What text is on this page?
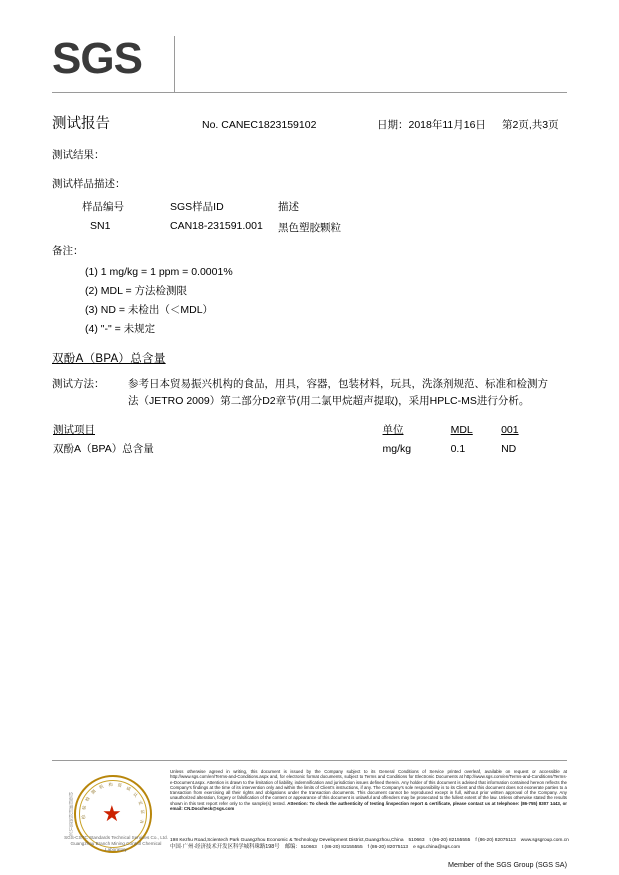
SGS
测试报告	No. CANEC1823159102	日期：2018年11月16日	第2页,共3页
测试结果：
测试样品描述：
样品编号	SGS样品ID	描述
SN1	CAN18-231591.001	黑色塑胶颗粒
备注：
(1) 1 mg/kg = 1 ppm = 0.0001%
(2) MDL = 方法检测限
(3) ND = 未检出（＜MDL）
(4) "-" = 未规定
双酚A（BPA）总含量
测试方法： 参考日本贸易振兴机构的食品，用具，容器，包装材料，玩具，洗涤剂规范、标准和检测方
法（JETRO 2009）第二部分D2章节(用二氯甲烷超声提取)，采用HPLC-MS进行分析。
测试项目	单位	MDL	001
双酚A（BPA）总含量	mg/kg	0.1	ND
检验检测机构资质认定 ★
检
验
检
测
机 构 资
质
认
定
证
书
SGS-CSTC Standards Technical Services Co., Ltd.
Guangzhou Branch Mining Control Chemical Laboratory
Unless otherwise agreed in writing, this document is issued by the Company subject to its General Conditions of Service printed overleaf, available on request or accessible at http://www.sgs.com/en/Terms-and-Conditions.aspx and, for electronic format documents, subject to Terms and Conditions for Electronic Documents at http://www.sgs.com/en/Terms-and-Conditions/Terms-e-Document.aspx. Attention is drawn to the limitation of liability, indemnification and jurisdiction issues defined therein. Any holder of this document is advised that information contained hereon reflects the Company's findings at the time of its intervention only and within the limits of Client's instructions, if any. The Company's sole responsibility is to its Client and this document does not exonerate parties to a transaction from exercising all their rights and obligations under the transaction documents. This document cannot be reproduced except in full, without prior written approval of the Company. Any unauthorized alteration, forgery or falsification of the content or appearance of this document is unlawful and offenders may be prosecuted to the fullest extent of the law. Unless otherwise stated the results shown in this test report refer only to the sample(s) tested. Attention: To check the authenticity of testing /inspection report & certificate, please contact us at telephone: (86-755) 8307 1443, or email: CN.Doccheck@sgs.com
198 Kezhu Road,Scientech Park Guangzhou Economic & Technology Development District,Guangzhou,China 510663 t (86-20) 82155555 f (86-20) 82075113 www.sgsgroup.com.cn
中国·广州·经济技术开发区科学城科珠路198号 邮编：510663 t (86-20) 82155555 f (86-20) 82075113 e sgs.china@sgs.com
Member of the SGS Group (SGS SA)
